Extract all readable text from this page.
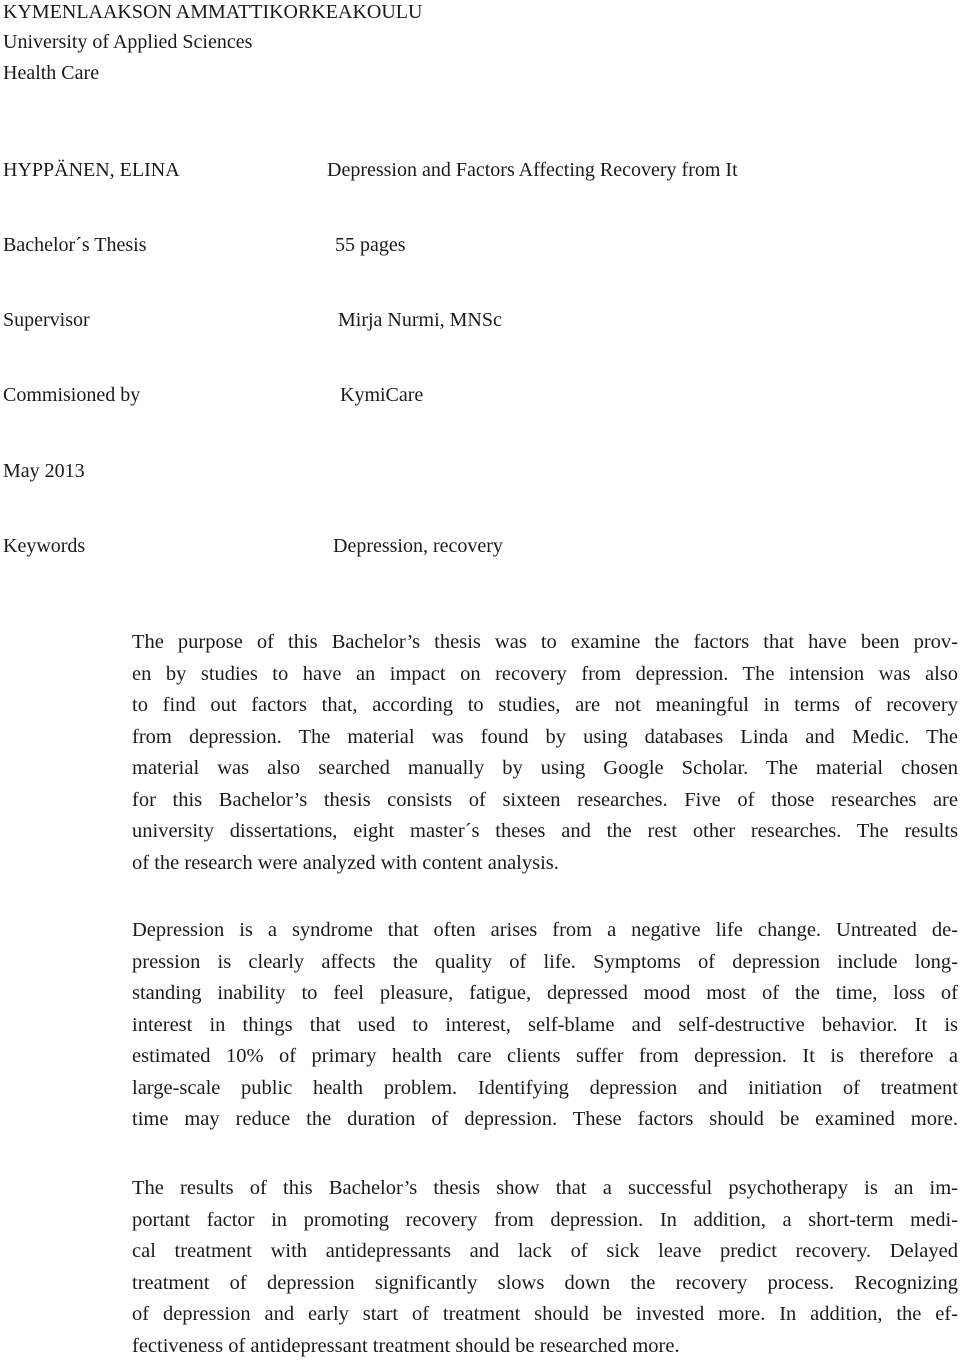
KYMENLAAKSON AMMATTIKORKEAKOULU
University of Applied Sciences
Health Care
HYPPÄNEN, ELINA	Depression and Factors Affecting Recovery from It
Bachelor´s Thesis	55 pages
Supervisor	Mirja Nurmi, MNSc
Commisioned by	KymiCare
May 2013
Keywords	Depression, recovery
The purpose of this Bachelor’s thesis was to examine the factors that have been prov-
en by studies to have an impact on recovery from depression. The intension was also
to find out factors that, according to studies, are not meaningful in terms of recovery
from depression. The material was found by using databases Linda and Medic. The
material was also searched manually by using Google Scholar. The material chosen
for this Bachelor’s thesis consists of sixteen researches. Five of those researches are
university dissertations, eight master´s theses and the rest other researches. The results
of the research were analyzed with content analysis.
Depression is a syndrome that often arises from a negative life change. Untreated de-
pression is clearly affects the quality of life. Symptoms of depression include long-
standing inability to feel pleasure, fatigue, depressed mood most of the time, loss of
interest in things that used to interest, self-blame and self-destructive behavior. It is
estimated 10% of primary health care clients suffer from depression. It is therefore a
large-scale public health problem. Identifying depression and initiation of treatment
time may reduce the duration of depression. These factors should be examined more.
The results of this Bachelor’s thesis show that a successful psychotherapy is an im-
portant factor in promoting recovery from depression. In addition, a short-term medi-
cal treatment with antidepressants and lack of sick leave predict recovery. Delayed
treatment of depression significantly slows down the recovery process. Recognizing
of depression and early start of treatment should be invested more. In addition, the ef-
fectiveness of antidepressant treatment should be researched more.
